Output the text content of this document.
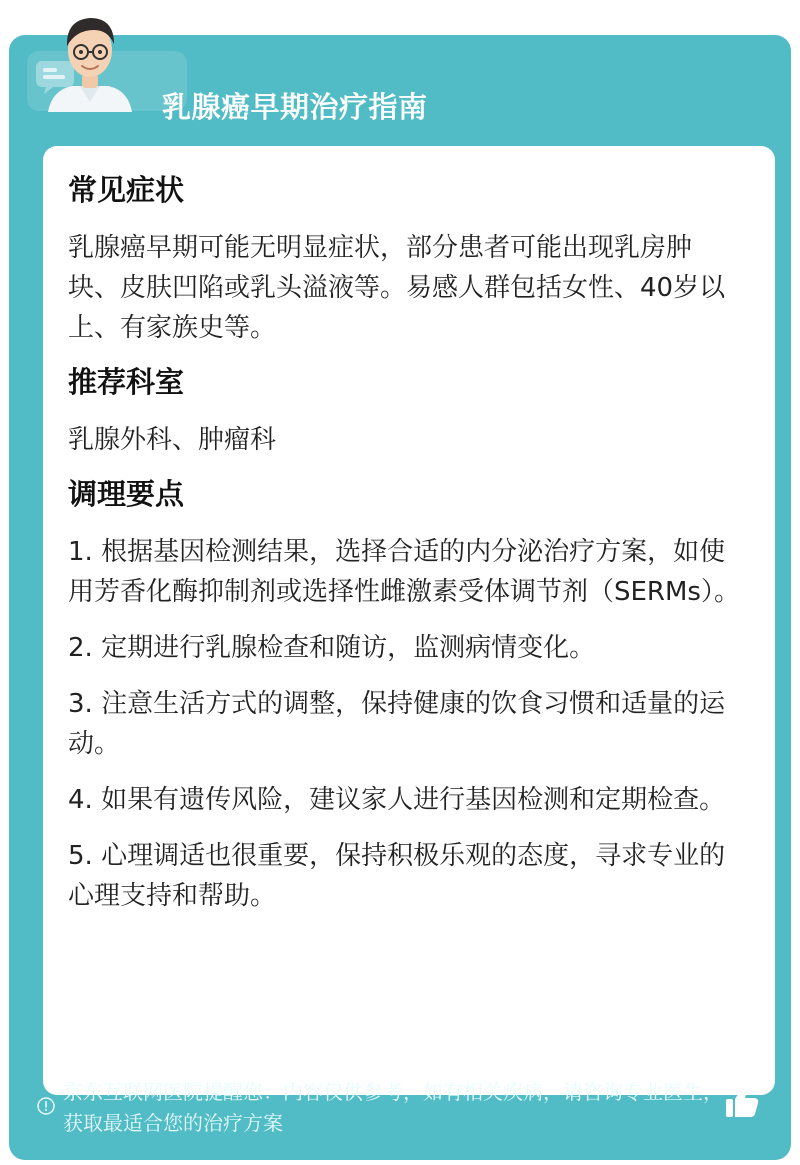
乳腺癌早期治疗指南
常见症状

乳腺癌早期可能无明显症状，部分患者可能出现乳房肿块、皮肤凹陷或乳头溢液等。易感人群包括女性、40岁以上、有家族史等。

推荐科室

乳腺外科、肿瘤科

调理要点

1. 根据基因检测结果，选择合适的内分泌治疗方案，如使用芳香化酶抑制剂或选择性雌激素受体调节剂（SERMs）。

2. 定期进行乳腺检查和随访，监测病情变化。

3. 注意生活方式的调整，保持健康的饮食习惯和适量的运动。

4. 如果有遗传风险，建议家人进行基因检测和定期检查。

5. 心理调适也很重要，保持积极乐观的态度，寻求专业的心理支持和帮助。

京东互联网医院提醒您：内容仅供参考，如有相关疾病，请咨询专业医生，获取最适合您的治疗方案
